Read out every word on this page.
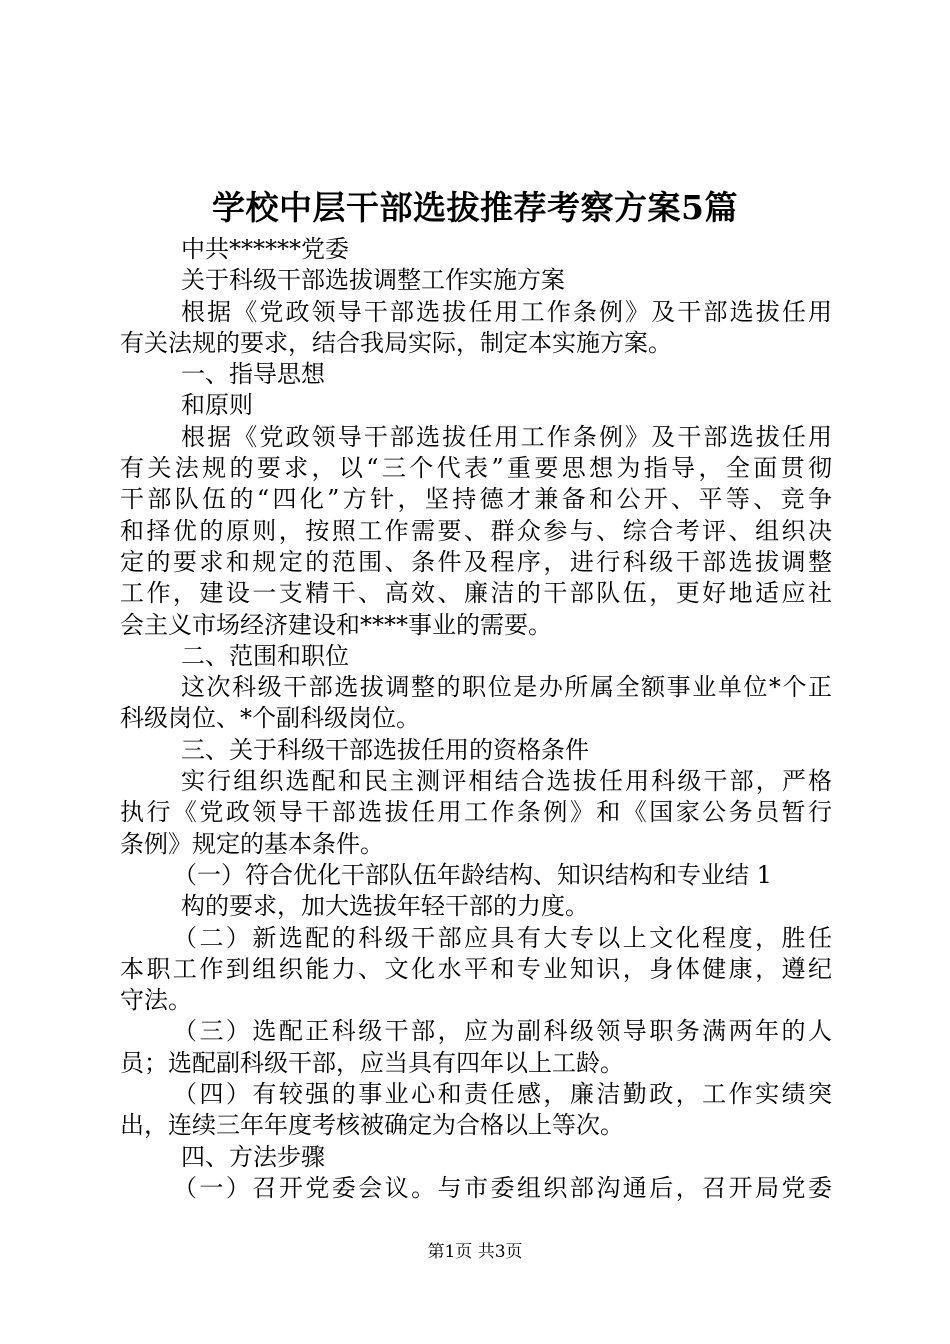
学校中层干部选拔推荐考察方案5篇
中共******党委
关于科级干部选拔调整工作实施方案
根据《党政领导干部选拔任用工作条例》及干部选拔任用
有关法规的要求，结合我局实际，制定本实施方案。
一、指导思想
和原则
根据《党政领导干部选拔任用工作条例》及干部选拔任用
有关法规的要求，以“三个代表”重要思想为指导，全面贯彻
干部队伍的“四化”方针，坚持德才兼备和公开、平等、竞争
和择优的原则，按照工作需要、群众参与、综合考评、组织决
定的要求和规定的范围、条件及程序，进行科级干部选拔调整
工作，建设一支精干、高效、廉洁的干部队伍，更好地适应社
会主义市场经济建设和****事业的需要。
二、范围和职位
这次科级干部选拔调整的职位是办所属全额事业单位*个正
科级岗位、*个副科级岗位。
三、关于科级干部选拔任用的资格条件
实行组织选配和民主测评相结合选拔任用科级干部，严格
执行《党政领导干部选拔任用工作条例》和《国家公务员暂行
条例》规定的基本条件。
（一）符合优化干部队伍年龄结构、知识结构和专业结 1
构的要求，加大选拔年轻干部的力度。
（二）新选配的科级干部应具有大专以上文化程度，胜任
本职工作到组织能力、文化水平和专业知识，身体健康，遵纪
守法。
（三）选配正科级干部，应为副科级领导职务满两年的人
员；选配副科级干部，应当具有四年以上工龄。
（四）有较强的事业心和责任感，廉洁勤政，工作实绩突
出，连续三年年度考核被确定为合格以上等次。
四、方法步骤
（一）召开党委会议。与市委组织部沟通后，召开局党委
第1页 共3页
